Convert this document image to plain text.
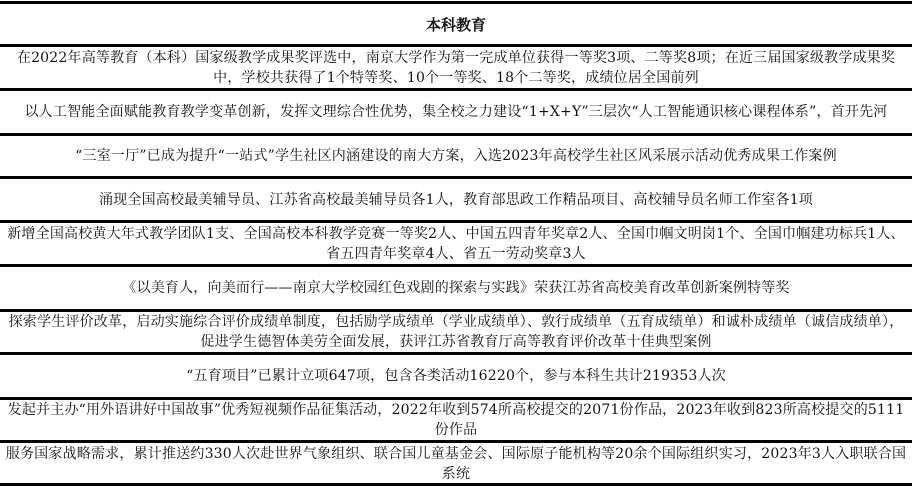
本科教育
在2022年高等教育（本科）国家级教学成果奖评选中，南京大学作为第一完成单位获得一等奖3项、二等奖8项；在近三届国家级教学成果奖中，学校共获得了1个特等奖、10个一等奖、18个二等奖，成绩位居全国前列
以人工智能全面赋能教育教学变革创新，发挥文理综合性优势，集全校之力建设“1+X+Y”三层次“人工智能通识核心课程体系”，首开先河
“三室一厅”已成为提升“一站式”学生社区内涵建设的南大方案，入选2023年高校学生社区风采展示活动优秀成果工作案例
涌现全国高校最美辅导员、江苏省高校最美辅导员各1人，教育部思政工作精品项目、高校辅导员名师工作室各1项
新增全国高校黄大年式教学团队1支、全国高校本科教学竞赛一等奖2人、中国五四青年奖章2人、全国巾帼文明岗1个、全国巾帼建功标兵1人、省五四青年奖章4人、省五一劳动奖章3人
《以美育人，向美而行——南京大学校园红色戏剧的探索与实践》荣获江苏省高校美育改革创新案例特等奖
探索学生评价改革，启动实施综合评价成绩单制度，包括励学成绩单（学业成绩单）、敦行成绩单（五育成绩单）和诚朴成绩单（诚信成绩单），促进学生德智体美劳全面发展，获评江苏省教育厅高等教育评价改革十佳典型案例
“五育项目”已累计立项647项，包含各类活动16220个，参与本科生共计219353人次
发起并主办“用外语讲好中国故事”优秀短视频作品征集活动，2022年收到574所高校提交的2071份作品，2023年收到823所高校提交的5111份作品
服务国家战略需求，累计推送约330人次赴世界气象组织、联合国儿童基金会、国际原子能机构等20余个国际组织实习，2023年3人入职联合国系统
